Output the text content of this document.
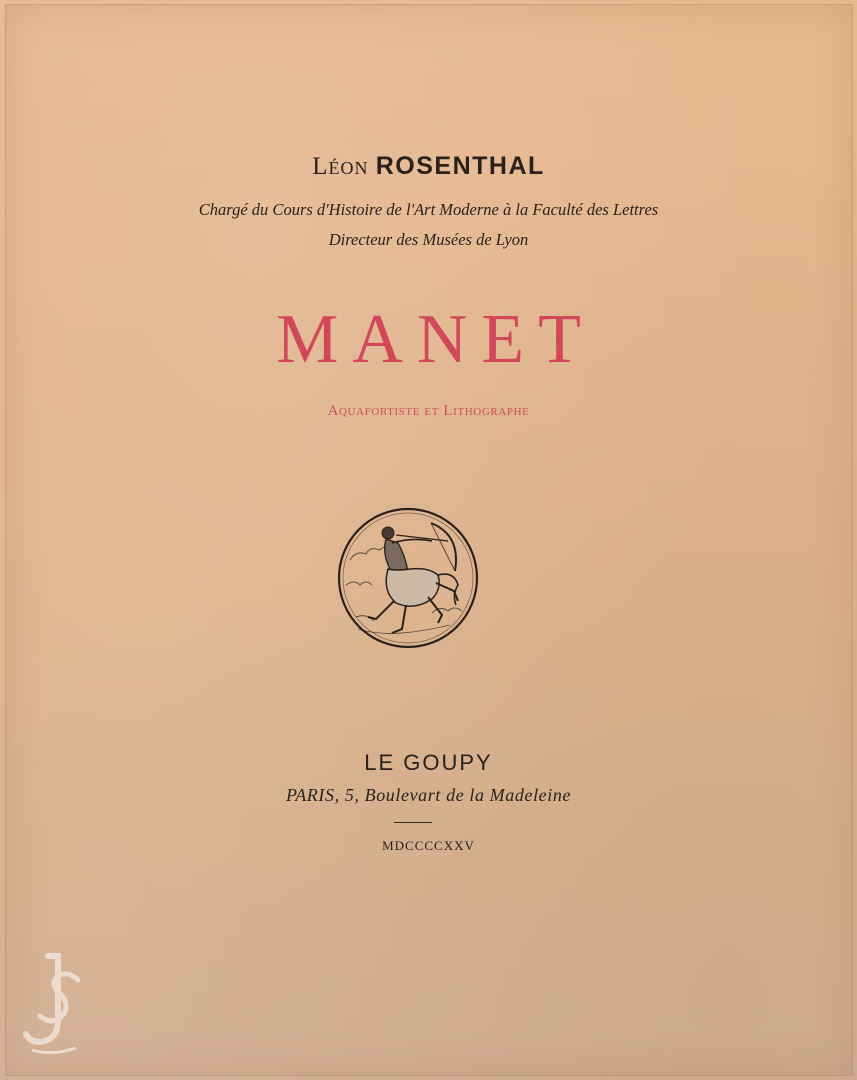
Léon ROSENTHAL
Chargé du Cours d'Histoire de l'Art Moderne à la Faculté des Lettres
Directeur des Musées de Lyon
MANET
Aquafortiste et Lithographe
LE GOUPY
PARIS, 5, Boulevart de la Madeleine
MDCCCCXXV
